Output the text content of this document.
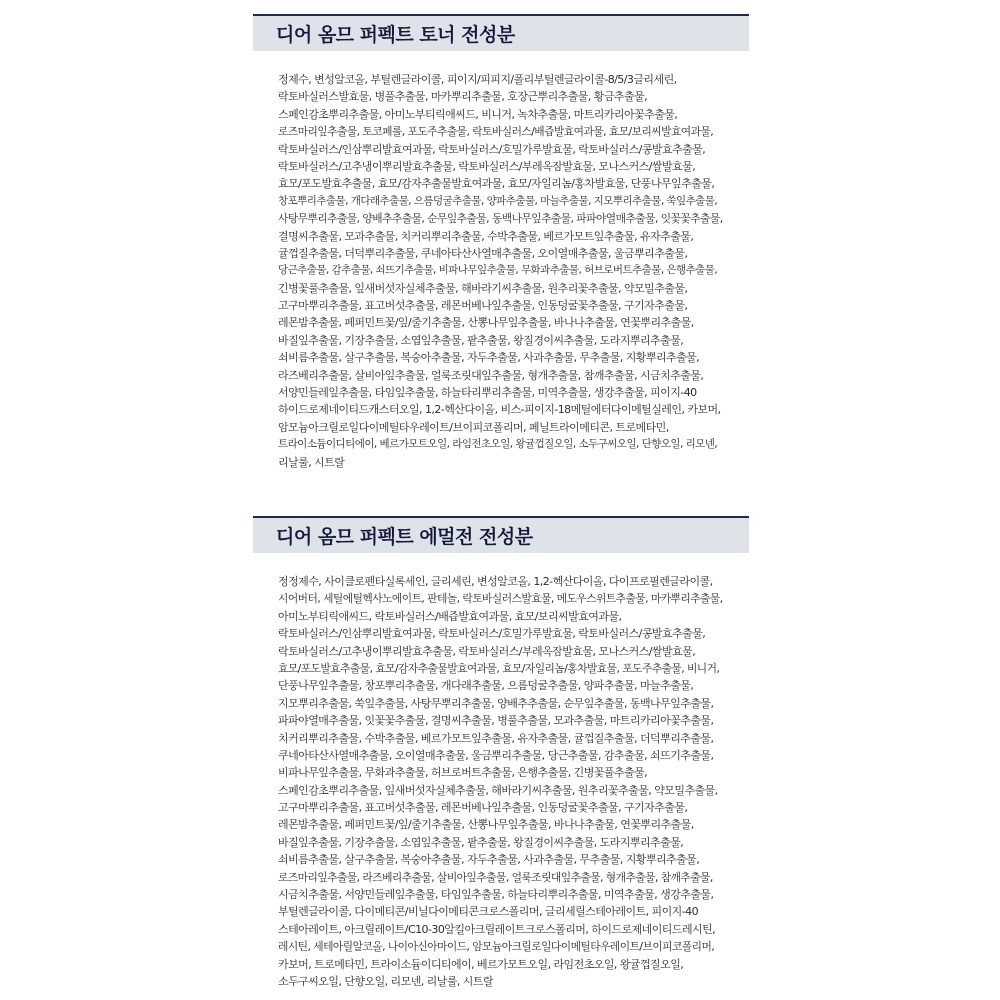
디어 옴므 퍼펙트 토너 전성분
정제수, 변성알코올, 부틸렌글라이콜, 피이지/피피지/폴리부틸렌글라이콜-8/5/3글리세린,
락토바실러스발효물, 병풀추출물, 마카뿌리추출물, 호장근뿌리추출물, 황금추출물,
스페인감초뿌리추출물, 아미노부티릭애씨드, 비니거, 녹차추출물, 마트리카리아꽃추출물,
로즈마리잎추출물, 토코페롤, 포도주추출물, 락토바실러스/배즙발효여과물, 효모/보리씨발효여과물,
락토바실러스/인삼뿌리발효여과물, 락토바실러스/호밀가루발효물, 락토바실러스/콩발효추출물,
락토바실러스/고추냉이뿌리발효추출물, 락토바실러스/부레옥잠발효물, 모나스커스/쌀발효물,
효모/포도발효추출물, 효모/감자추출물발효여과물, 효모/자일리놈/홍차발효물, 단풍나무잎추출물,
창포뿌리추출물, 개다래추출물, 으름덩굴추출물, 양파추출물, 마늘추출물, 지모뿌리추출물, 쑥잎추출물,
사탕무뿌리추출물, 양배추추출물, 순무잎추출물, 동백나무잎추출물, 파파야열매추출물, 잇꽃꽃추출물,
결명씨추출물, 모과추출물, 치커리뿌리추출물, 수박추출물, 베르가모트잎추출물, 유자추출물,
귤껍질추출물, 더덕뿌리추출물, 쿠네아타산사열매추출물, 오이열매추출물, 울금뿌리추출물,
당근추출물, 감추출물, 쇠뜨기추출물, 비파나무잎추출물, 무화과추출물, 허브로버트추출물, 은행추출물,
긴병꽃풀추출물, 잎새버섯자실체추출물, 해바라기씨추출물, 원추리꽃추출물, 약모밀추출물,
고구마뿌리추출물, 표고버섯추출물, 레몬버베나잎추출물, 인동덩굴꽃추출물, 구기자추출물,
레몬밤추출물, 페퍼민트꽃/잎/줄기추출물, 산뽕나무잎추출물, 바나나추출물, 연꽃뿌리추출물,
바질잎추출물, 기장추출물, 소엽잎추출물, 팥추출물, 왕질경이씨추출물, 도라지뿌리추출물,
쇠비름추출물, 살구추출물, 복숭아추출물, 자두추출물, 사과추출물, 무추출물, 지황뿌리추출물,
라즈베리추출물, 살비아잎추출물, 얼룩조릿대잎추출물, 형개추출물, 참깨추출물, 시금치추출물,
서양민들레잎추출물, 타임잎추출물, 하늘타리뿌리추출물, 미역추출물, 생강추출물, 피이지-40
하이드로제네이티드캐스터오일, 1,2-헥산다이올, 비스-피이지-18메틸에터다이메틸실레인, 카보머,
암모늄아크릴로일다이메틸타우레이트/브이피코폴리머, 페닐트라이메티콘, 트로메타민,
트라이소듐이디티에이, 베르가모트오일, 라임전초오일, 왕귤껍질오일, 소두구씨오일, 단향오일, 리모넨,
리날룰, 시트랄
디어 옴므 퍼펙트 에멀전 전성분
정정제수, 사이클로펜타실록세인, 글리세린, 변성알코올, 1,2-헥산다이올, 다이프로필렌글라이콜,
시어버터, 세틸에틸헥사노에이트, 판테놀, 락토바실러스발효물, 메도우스위트추출물, 마카뿌리추출물,
아미노부티릭애씨드, 락토바실러스/배즙발효여과물, 효모/보리씨발효여과물,
락토바실러스/인삼뿌리발효여과물, 락토바실러스/호밀가루발효물, 락토바실러스/콩발효추출물,
락토바실러스/고추냉이뿌리발효추출물, 락토바실러스/부레옥잠발효물, 모나스커스/쌀발효물,
효모/포도발효추출물, 효모/감자추출물발효여과물, 효모/자일리놈/홍차발효물, 포도주추출물, 비니거,
단풍나무잎추출물, 창포뿌리추출물, 개다래추출물, 으름덩굴추출물, 양파추출물, 마늘추출물,
지모뿌리추출물, 쑥잎추출물, 사탕무뿌리추출물, 양배추추출물, 순무잎추출물, 동백나무잎추출물,
파파야열매추출물, 잇꽃꽃추출물, 결명씨추출물, 병풀추출물, 모과추출물, 마트리카리아꽃추출물,
치커리뿌리추출물, 수박추출물, 베르가모트잎추출물, 유자추출물, 귤껍질추출물, 더덕뿌리추출물,
쿠네아타산사열매추출물, 오이열매추출물, 울금뿌리추출물, 당근추출물, 감추출물, 쇠뜨기추출물,
비파나무잎추출물, 무화과추출물, 허브로버트추출물, 은행추출물, 긴병꽃풀추출물,
스페인감초뿌리추출물, 잎새버섯자실체추출물, 해바라기씨추출물, 원추리꽃추출물, 약모밀추출물,
고구마뿌리추출물, 표고버섯추출물, 레몬버베나잎추출물, 인동덩굴꽃추출물, 구기자추출물,
레몬밤추출물, 페퍼민트꽃/잎/줄기추출물, 산뽕나무잎추출물, 바나나추출물, 연꽃뿌리추출물,
바질잎추출물, 기장추출물, 소엽잎추출물, 팥추출물, 왕질경이씨추출물, 도라지뿌리추출물,
쇠비름추출물, 살구추출물, 복숭아추출물, 자두추출물, 사과추출물, 무추출물, 지황뿌리추출물,
로즈마리잎추출물, 라즈베리추출물, 살비아잎추출물, 얼룩조릿대잎추출물, 형개추출물, 참깨추출물,
시금치추출물, 서양민들레잎추출물, 타임잎추출물, 하늘타리뿌리추출물, 미역추출물, 생강추출물,
부틸렌글라이콜, 다이메티콘/비닐다이메티콘크로스폴리머, 글리세릴스테아레이트, 피이지-40
스테아레이트, 아크릴레이트/C10-30알킬아크릴레이트크로스폴리머, 하이드로제네이티드레시틴,
레시틴, 세테아릴알코올, 나이아신아마이드, 암모늄아크릴로일다이메틸타우레이트/브이피코폴리머,
카보머, 트로메타민, 트라이소듐이디티에이, 베르가모트오일, 라임전초오일, 왕귤껍질오일,
소두구씨오일, 단향오일, 리모넨, 리날룰, 시트랄
